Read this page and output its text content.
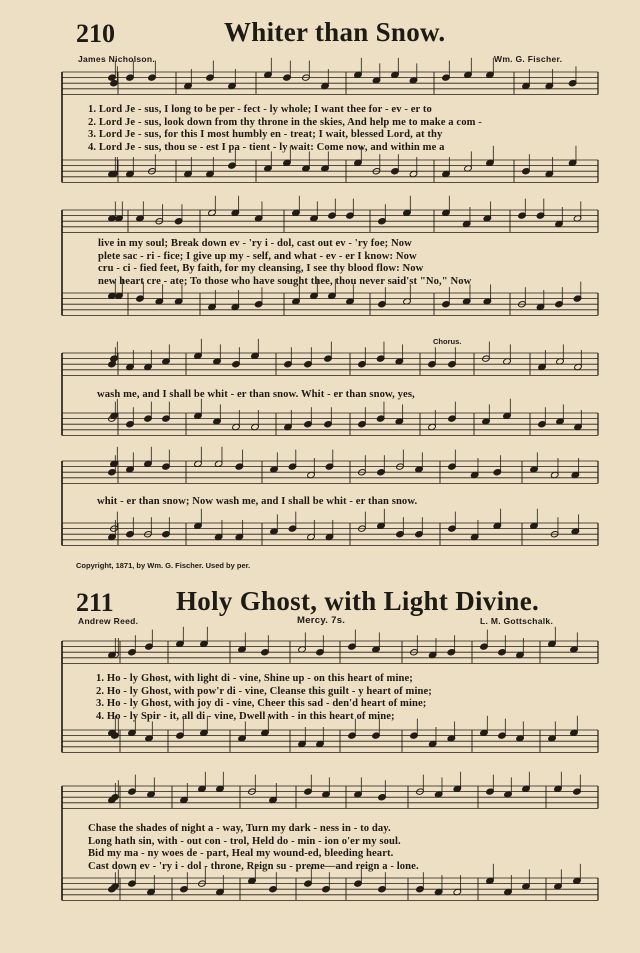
210	Whiter than Snow.
James Nicholson.	Wm. G. Fischer.
1. Lord Je - sus, I long to be per - fect - ly whole; I want thee for - ev - er to
2. Lord Je - sus, look down from thy throne in the skies, And help me to make a com -
3. Lord Je - sus, for this I most humbly en - treat; I wait, blessed Lord, at thy
4. Lord Je - sus, thou se - est I pa - tient - ly wait: Come now, and within me a
live in my soul; Break down ev - 'ry i - dol, cast out ev - 'ry foe; Now
plete sac - ri - fice; I give up my - self, and what - ev - er I know: Now
cru - ci - fied feet, By faith, for my cleansing, I see thy blood flow: Now
new heart cre - ate; To those who have sought thee, thou never said'st "No," Now
Chorus.
wash me, and I shall be whit - er than snow. Whit - er than snow, yes,
whit - er than snow; Now wash me, and I shall be whit - er than snow.
Copyright, 1871, by Wm. G. Fischer. Used by per.
211 Holy Ghost, with Light Divine.
Andrew Reed.	Mercy. 7s.	L. M. Gottschalk.
1. Ho - ly Ghost, with light di - vine, Shine up - on this heart of mine;
2. Ho - ly Ghost, with pow'r di - vine, Cleanse this guilt - y heart of mine;
3. Ho - ly Ghost, with joy di - vine, Cheer this sad - den'd heart of mine;
4. Ho - ly Spir - it, all di - vine, Dwell with - in this heart of mine;
Chase the shades of night a - way, Turn my dark - ness in - to day.
Long hath sin, with - out con - trol, Held do - min - ion o'er my soul.
Bid my ma - ny woes de - part, Heal my wound-ed, bleeding heart.
Cast down ev - 'ry i - dol - throne, Reign su - preme—and reign a - lone.
